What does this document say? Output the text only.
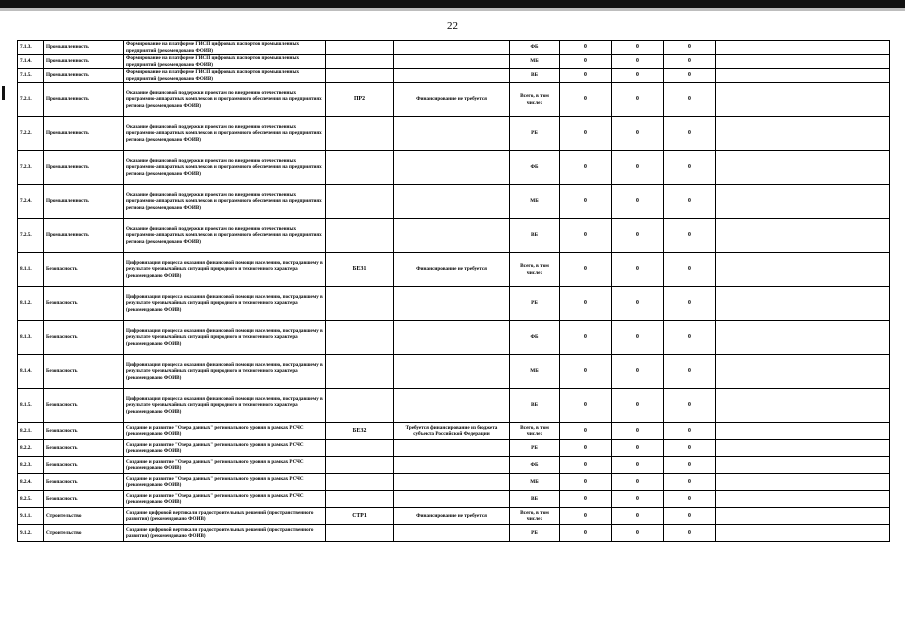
22
7.1.3.	Промышленность	Формирование на платформе ГИСП цифровых паспортов промышленных предприятий (рекомендовано ФОИВ)			ФБ	0	0	0	
7.1.4.	Промышленность	Формирование на платформе ГИСП цифровых паспортов промышленных предприятий (рекомендовано ФОИВ)			МБ	0	0	0	
7.1.5.	Промышленность	Формирование на платформе ГИСП цифровых паспортов промышленных предприятий (рекомендовано ФОИВ)			ВБ	0	0	0	
7.2.1.	Промышленность	Оказание финансовой поддержки проектам по внедрению отечественных программно-аппаратных комплексов и программного обеспечения на предприятиях региона (рекомендовано ФОИВ)	ПР2	Финансирование не требуется	Всего, в том числе:	0	0	0	
7.2.2.	Промышленность	Оказание финансовой поддержки проектам по внедрению отечественных программно-аппаратных комплексов и программного обеспечения на предприятиях региона (рекомендовано ФОИВ)			РБ	0	0	0	
7.2.3.	Промышленность	Оказание финансовой поддержки проектам по внедрению отечественных программно-аппаратных комплексов и программного обеспечения на предприятиях региона (рекомендовано ФОИВ)			ФБ	0	0	0	
7.2.4.	Промышленность	Оказание финансовой поддержки проектам по внедрению отечественных программно-аппаратных комплексов и программного обеспечения на предприятиях региона (рекомендовано ФОИВ)			МБ	0	0	0	
7.2.5.	Промышленность	Оказание финансовой поддержки проектам по внедрению отечественных программно-аппаратных комплексов и программного обеспечения на предприятиях региона (рекомендовано ФОИВ)			ВБ	0	0	0	
8.1.1.	Безопасность	Цифровизация процесса оказания финансовой помощи населению, пострадавшему в результате чрезвычайных ситуаций природного и техногенного характера (рекомендовано ФОИВ)	БЕЗ1	Финансирование не требуется	Всего, в том числе:	0	0	0	
8.1.2.	Безопасность	Цифровизация процесса оказания финансовой помощи населению, пострадавшему в результате чрезвычайных ситуаций природного и техногенного характера (рекомендовано ФОИВ)			РБ	0	0	0	
8.1.3.	Безопасность	Цифровизация процесса оказания финансовой помощи населению, пострадавшему в результате чрезвычайных ситуаций природного и техногенного характера (рекомендовано ФОИВ)			ФБ	0	0	0	
8.1.4.	Безопасность	Цифровизация процесса оказания финансовой помощи населению, пострадавшему в результате чрезвычайных ситуаций природного и техногенного характера (рекомендовано ФОИВ)			МБ	0	0	0	
8.1.5.	Безопасность	Цифровизация процесса оказания финансовой помощи населению, пострадавшему в результате чрезвычайных ситуаций природного и техногенного характера (рекомендовано ФОИВ)			ВБ	0	0	0	
8.2.1.	Безопасность	Создание и развитие "Озера данных" регионального уровня в рамках РСЧС (рекомендовано ФОИВ)	БЕЗ2	Требуется финансирование из бюджета субъекта Российской Федерации	Всего, в том числе:	0	0	0	
8.2.2.	Безопасность	Создание и развитие "Озера данных" регионального уровня в рамках РСЧС (рекомендовано ФОИВ)			РБ	0	0	0	
8.2.3.	Безопасность	Создание и развитие "Озера данных" регионального уровня в рамках РСЧС (рекомендовано ФОИВ)			ФБ	0	0	0	
8.2.4.	Безопасность	Создание и развитие "Озера данных" регионального уровня в рамках РСЧС (рекомендовано ФОИВ)			МБ	0	0	0	
8.2.5.	Безопасность	Создание и развитие "Озера данных" регионального уровня в рамках РСЧС (рекомендовано ФОИВ)			ВБ	0	0	0	
9.1.1.	Строительство	Создание цифровой вертикали градостроительных решений (пространственного развития) (рекомендовано ФОИВ)	СТР1	Финансирование не требуется	Всего, в том числе:	0	0	0	
9.1.2.	Строительство	Создание цифровой вертикали градостроительных решений (пространственного развития) (рекомендовано ФОИВ)			РБ	0	0	0	
